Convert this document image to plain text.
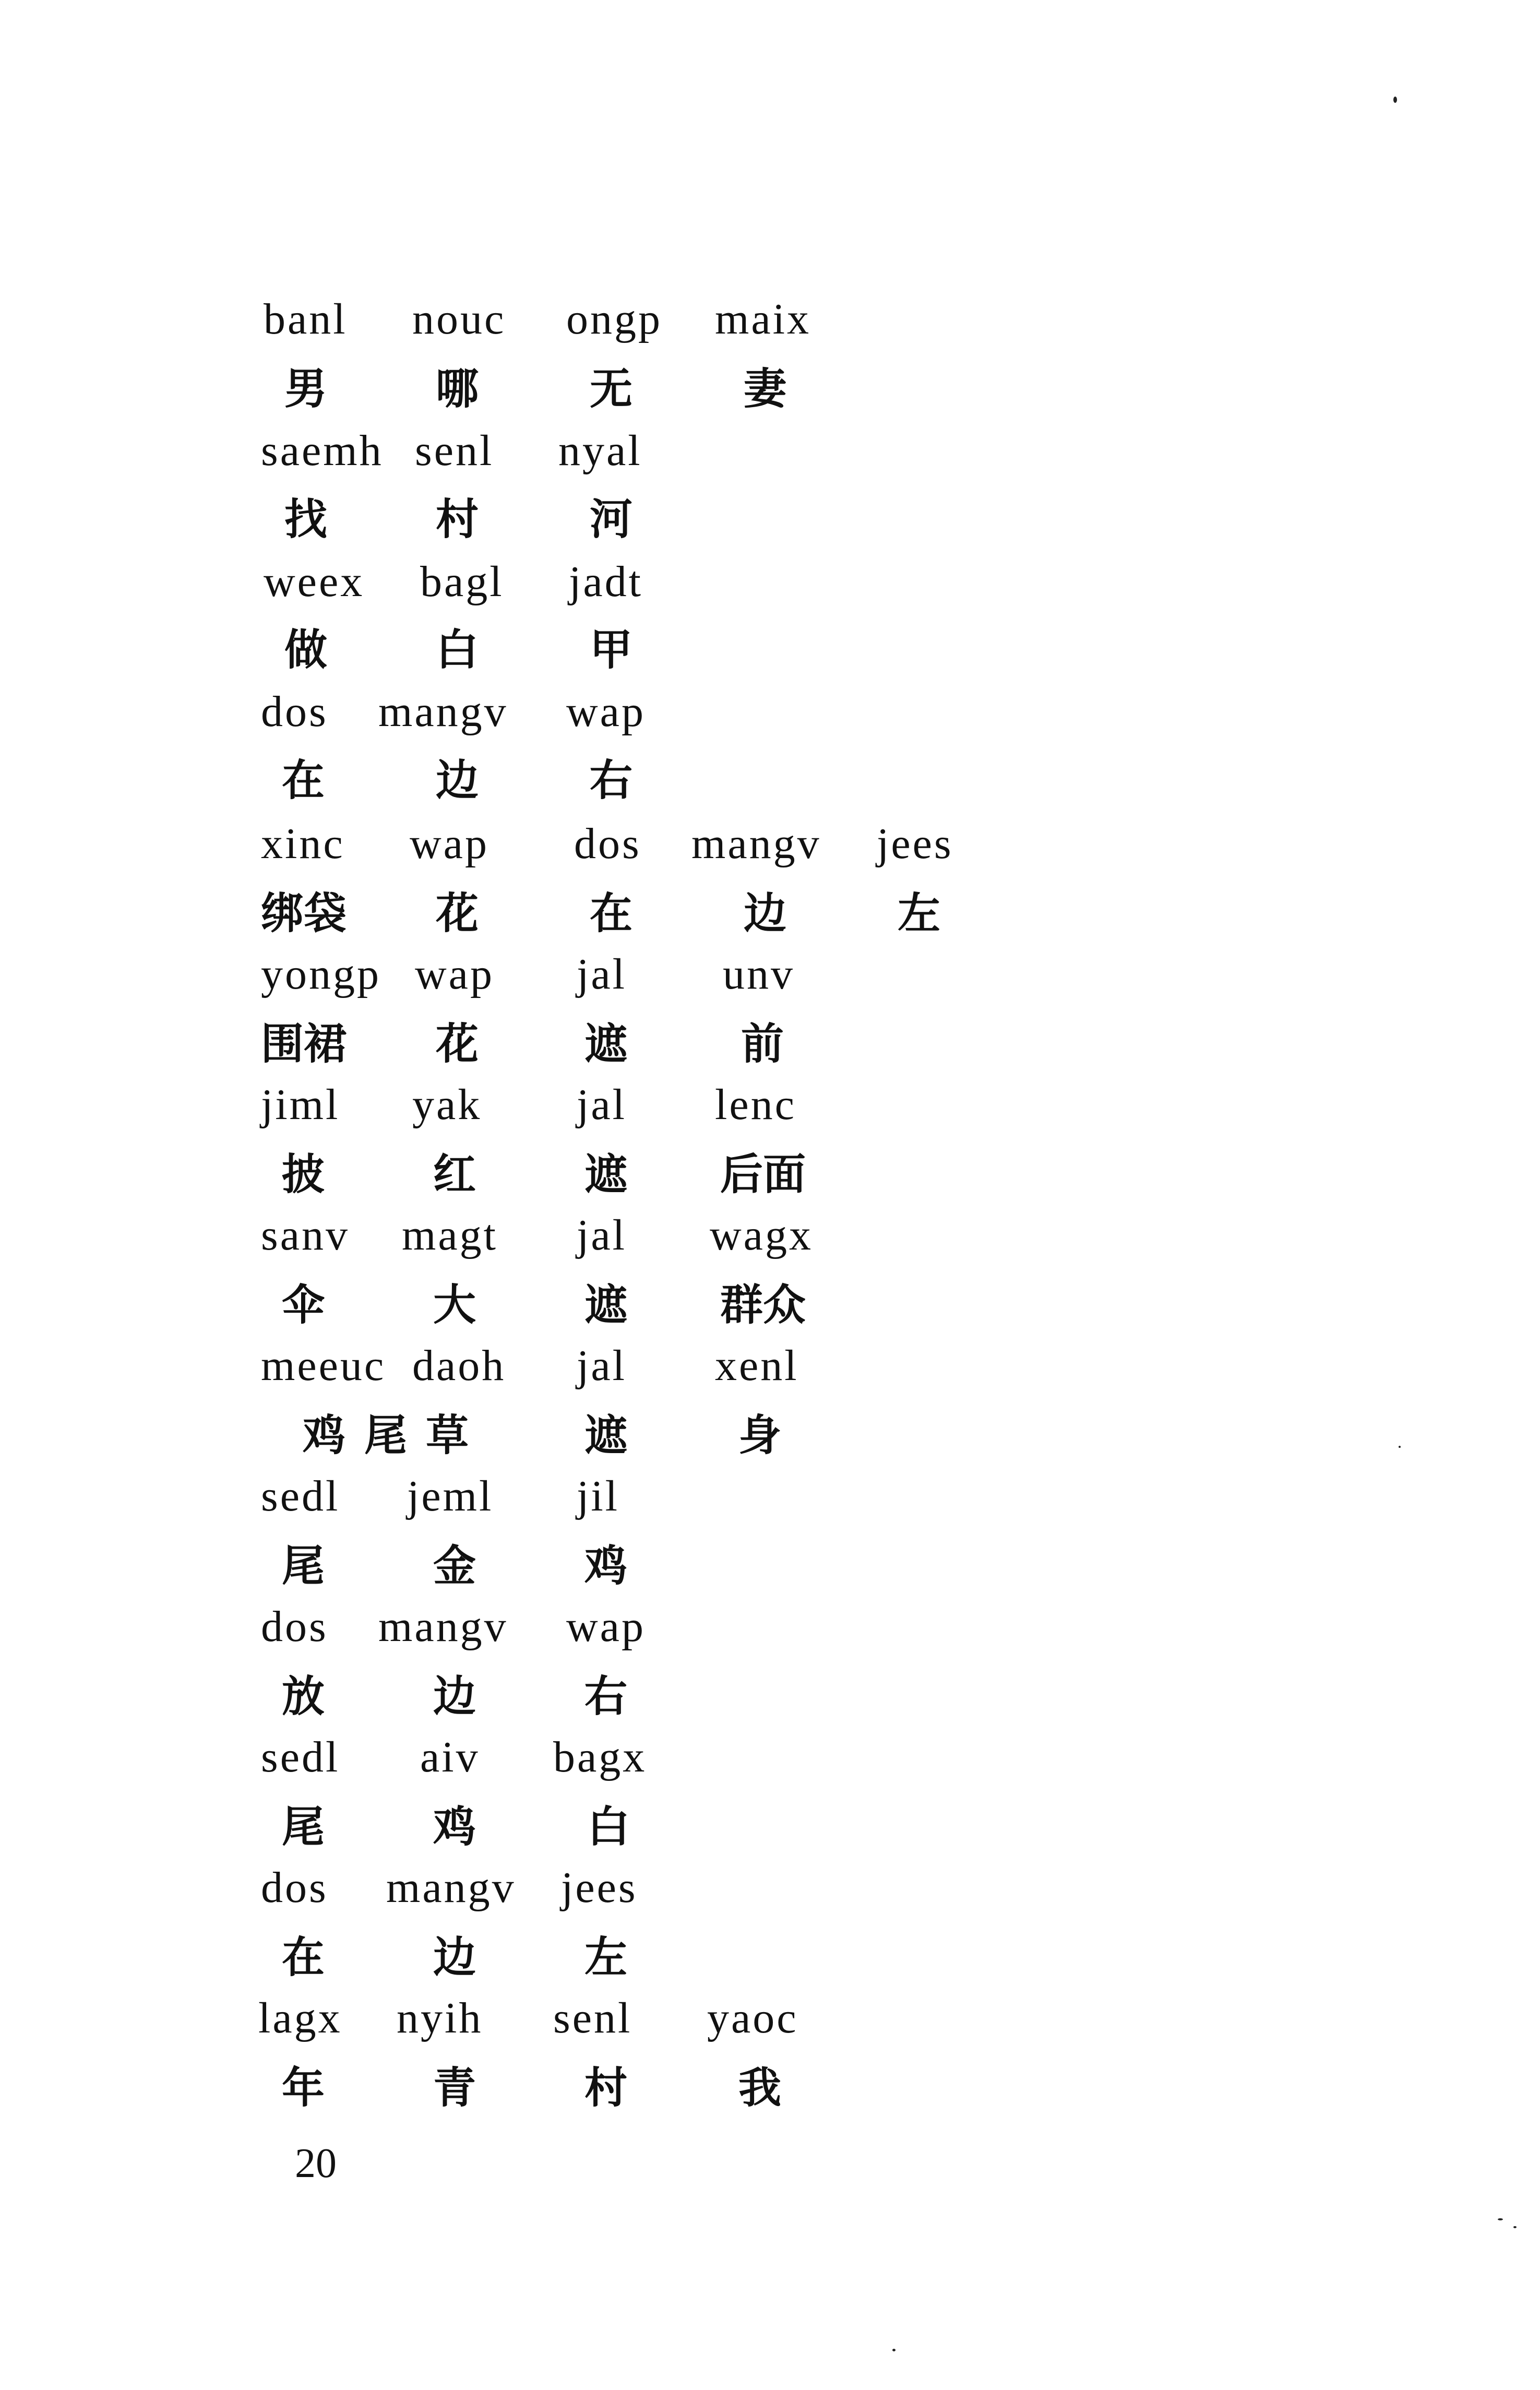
banl nouc ongp maix
男	哪	无	妻
saemh senl nyal
找	村	河
weex bagl jadt
做	白	甲
dos mangv wap
在	边	右
xinc wap dos mangv jees
绑袋 花	在	边	左
yongp wap jal unv
围裙 花 遮	前
jiml yak jal lenc
披	红	遮 后面
sanv magt jal wagx
伞	大	遮 群众
meeuc daoh jal xenl
鸡尾草 遮	身
sedl jeml jil
尾	金	鸡
dos mangv wap
放	边	右
sedl aiv bagx
尾	鸡	白
dos mangv jees
在	边	左
lagx nyih senl yaoc
年	青	村	我
20
